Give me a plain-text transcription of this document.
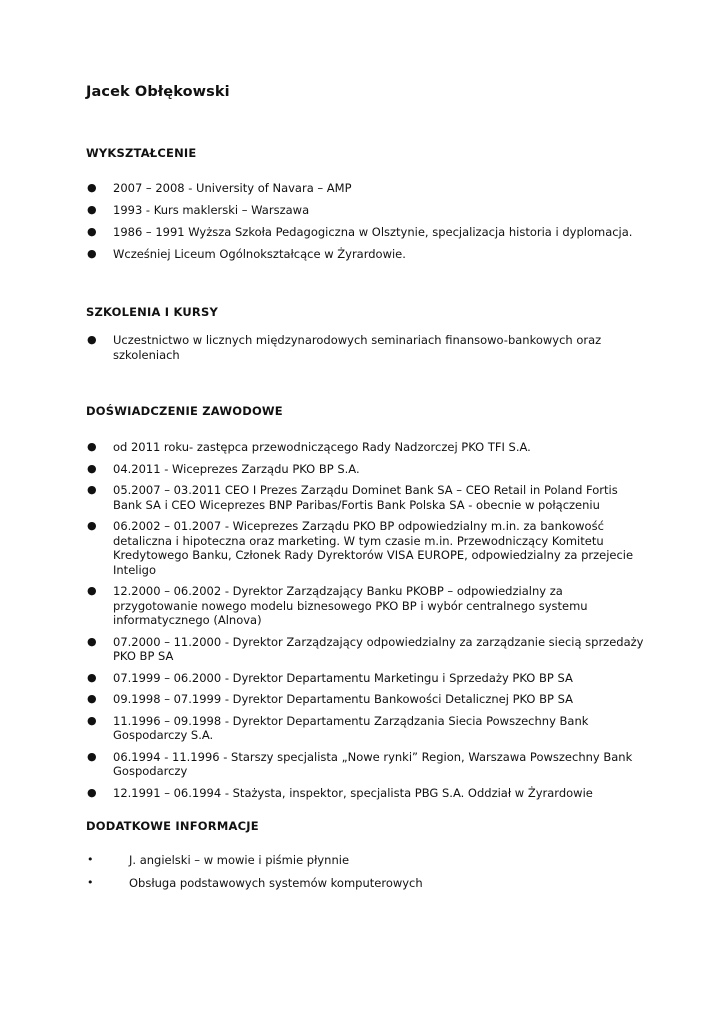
Jacek Obłękowski
WYKSZTAŁCENIE
● 2007 – 2008 - University of Navara – AMP
● 1993 - Kurs maklerski – Warszawa
● 1986 – 1991 Wyższa Szkoła Pedagogiczna w Olsztynie, specjalizacja historia i dyplomacja.
● Wcześniej Liceum Ogólnokształcące w Żyrardowie.
SZKOLENIA I KURSY
● Uczestnictwo w licznych międzynarodowych seminariach finansowo-bankowych oraz szkoleniach
DOŚWIADCZENIE ZAWODOWE
● od 2011 roku- zastępca przewodniczącego Rady Nadzorczej PKO TFI S.A.
● 04.2011 - Wiceprezes Zarządu PKO BP S.A.
● 05.2007 – 03.2011 CEO I Prezes Zarządu Dominet Bank SA – CEO Retail in Poland Fortis Bank SA i CEO Wiceprezes BNP Paribas/Fortis Bank Polska SA - obecnie w połączeniu
● 06.2002 – 01.2007 - Wiceprezes Zarządu PKO BP odpowiedzialny m.in. za bankowość detaliczna i hipoteczna oraz marketing. W tym czasie m.in. Przewodniczący Komitetu Kredytowego Banku, Członek Rady Dyrektorów VISA EUROPE, odpowiedzialny za przejecie Inteligo
● 12.2000 – 06.2002 - Dyrektor Zarządzający Banku PKOBP – odpowiedzialny za przygotowanie nowego modelu biznesowego PKO BP i wybór centralnego systemu informatycznego (Alnova)
● 07.2000 – 11.2000 - Dyrektor Zarządzający odpowiedzialny za zarządzanie siecią sprzedaży PKO BP SA
● 07.1999 – 06.2000 - Dyrektor Departamentu Marketingu i Sprzedaży PKO BP SA
● 09.1998 – 07.1999 - Dyrektor Departamentu Bankowości Detalicznej PKO BP SA
● 11.1996 – 09.1998 - Dyrektor Departamentu Zarządzania Siecia Powszechny Bank Gospodarczy S.A.
● 06.1994 - 11.1996 - Starszy specjalista „Nowe rynki” Region, Warszawa Powszechny Bank Gospodarczy
● 12.1991 – 06.1994 - Stażysta, inspektor, specjalista PBG S.A. Oddział w Żyrardowie
DODATKOWE INFORMACJE
•	J. angielski – w mowie i piśmie płynnie
•	Obsługa podstawowych systemów komputerowych
